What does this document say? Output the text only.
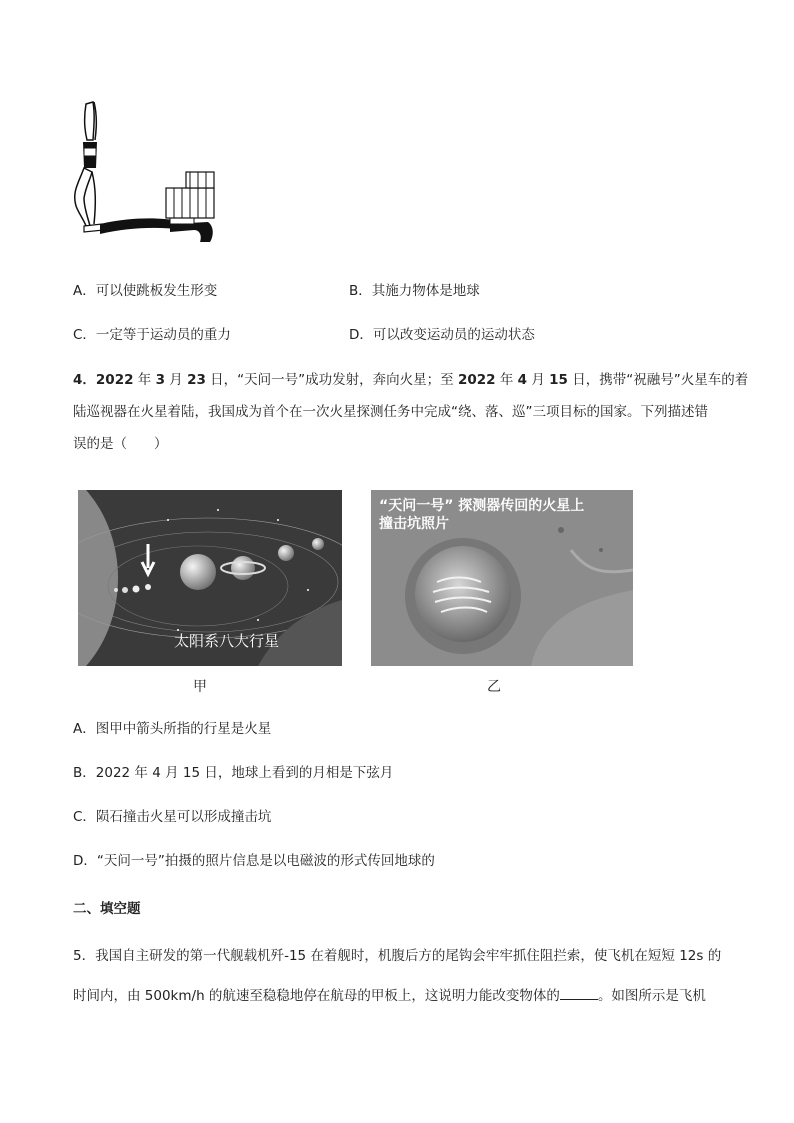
A．可以使跳板发生形变	B．其施力物体是地球
C．一定等于运动员的重力	D．可以改变运动员的运动状态
4．2022 年 3 月 23 日，“天问一号”成功发射，奔向火星；至 2022 年 4 月 15 日，携带“祝融号”火星车的着
陆巡视器在火星着陆，我国成为首个在一次火星探测任务中完成“绕、落、巡”三项目标的国家。下列描述错
误的是（　　）
太阳系八大行星
“天问一号” 探测器传回的火星上
撞击坑照片
甲	乙
A．图甲中箭头所指的行星是火星
B．2022 年 4 月 15 日，地球上看到的月相是下弦月
C．陨石撞击火星可以形成撞击坑
D．“天问一号”拍摄的照片信息是以电磁波的形式传回地球的
二、填空题
5．我国自主研发的第一代舰载机歼-15 在着舰时，机腹后方的尾钩会牢牢抓住阻拦索，使飞机在短短 12s 的
时间内，由 500km/h 的航速至稳稳地停在航母的甲板上，这说明力能改变物体的	。如图所示是飞机
